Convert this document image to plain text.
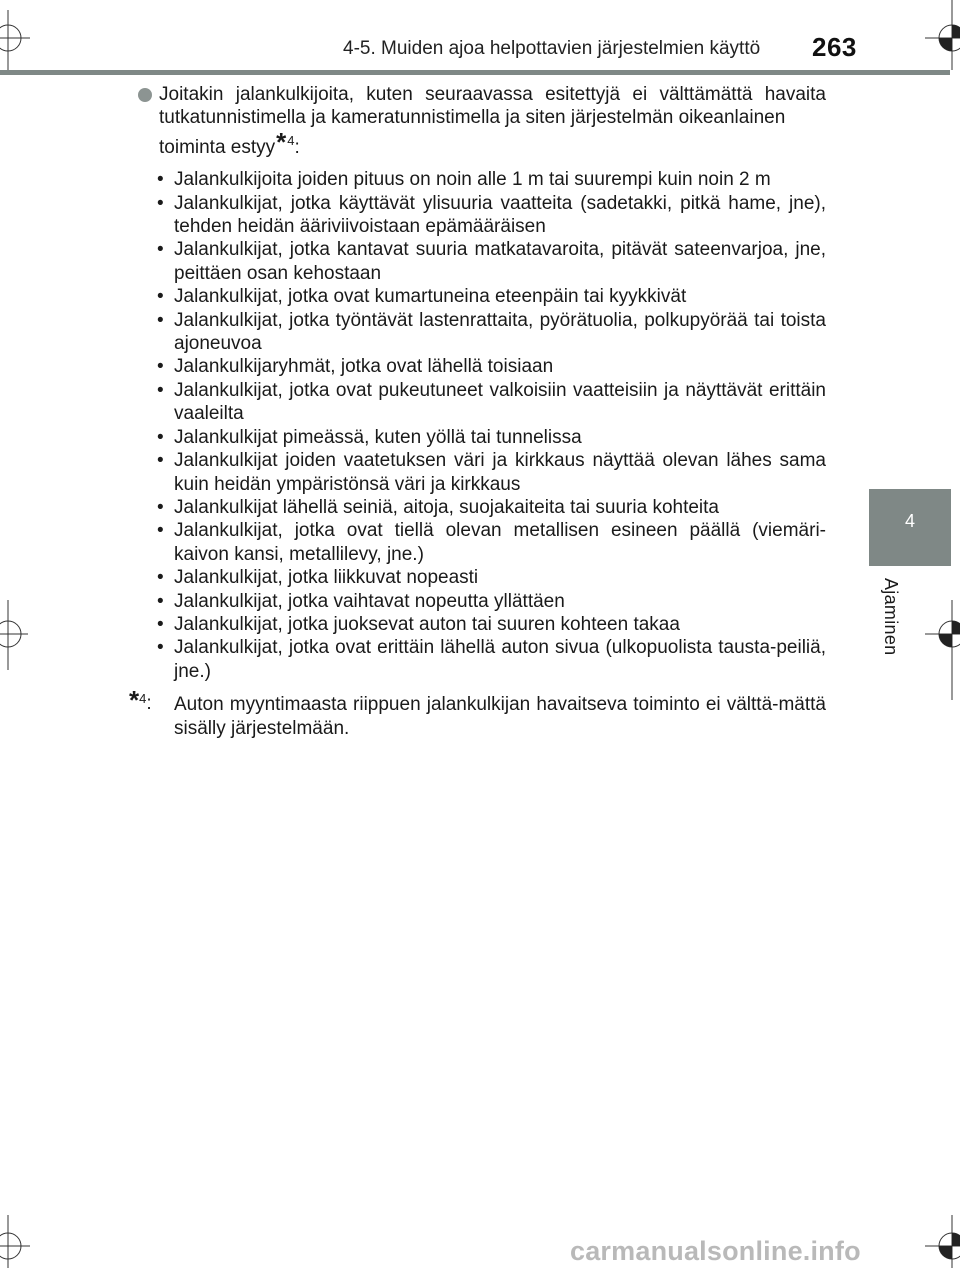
4-5. Muiden ajoa helpottavien järjestelmien käyttö	263
4
Ajaminen
Joitakin jalankulkijoita, kuten seuraavassa esitettyjä ei välttämättä havaita tutkatunnistimella ja kameratunnistimella ja siten järjestelmän oikeanlainen
toiminta estyy$^{*4}$:
• Jalankulkijoita joiden pituus on noin alle 1 m tai suurempi kuin noin 2 m
• Jalankulkijat, jotka käyttävät ylisuuria vaatteita (sadetakki, pitkä hame, jne), tehden heidän ääriviivoistaan epämääräisen
• Jalankulkijat, jotka kantavat suuria matkatavaroita, pitävät sateenvarjoa, jne, peittäen osan kehostaan
• Jalankulkijat, jotka ovat kumartuneina eteenpäin tai kyykkivät
• Jalankulkijat, jotka työntävät lastenrattaita, pyörätuolia, polkupyörää tai toista ajoneuvoa
• Jalankulkijaryhmät, jotka ovat lähellä toisiaan
• Jalankulkijat, jotka ovat pukeutuneet valkoisiin vaatteisiin ja näyttävät erittäin vaaleilta
• Jalankulkijat pimeässä, kuten yöllä tai tunnelissa
• Jalankulkijat joiden vaatetuksen väri ja kirkkaus näyttää olevan lähes sama kuin heidän ympäristönsä väri ja kirkkaus
• Jalankulkijat lähellä seiniä, aitoja, suojakaiteita tai suuria kohteita
• Jalankulkijat, jotka ovat tiellä olevan metallisen esineen päällä (viemäri-kaivon kansi, metallilevy, jne.)
• Jalankulkijat, jotka liikkuvat nopeasti
• Jalankulkijat, jotka vaihtavat nopeutta yllättäen
• Jalankulkijat, jotka juoksevat auton tai suuren kohteen takaa
• Jalankulkijat, jotka ovat erittäin lähellä auton sivua (ulkopuolista tausta-peiliä, jne.)
*$^4$: Auton myyntimaasta riippuen jalankulkijan havaitseva toiminto ei välttä-mättä sisälly järjestelmään.
carmanualsonline.info
